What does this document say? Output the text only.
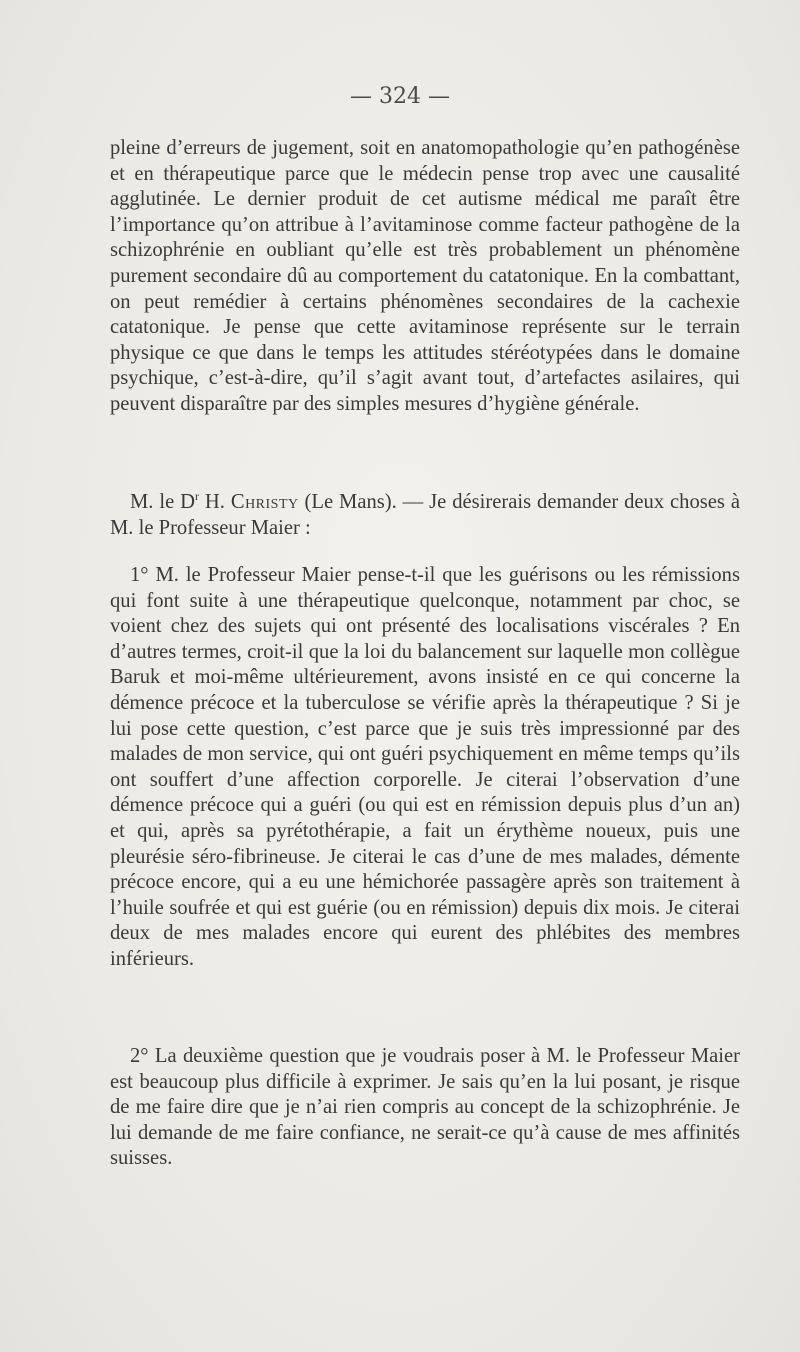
— 324 —

pleine d’erreurs de jugement, soit en anatomopathologie qu’en pathogénèse et en thérapeutique parce que le médecin pense trop avec une causalité agglutinée. Le dernier produit de cet autisme médical me paraît être l’importance qu’on attribue à l’avitaminose comme facteur pathogène de la schizophrénie en oubliant qu’elle est très probablement un phénomène purement secondaire dû au comportement du catatonique. En la combattant, on peut remédier à certains phénomènes secondaires de la cachexie catatonique. Je pense que cette avitaminose représente sur le terrain physique ce que dans le temps les attitudes stéréotypées dans le domaine psychique, c’est-à-dire, qu’il s’agit avant tout, d’artefactes asilaires, qui peuvent disparaître par des simples mesures d’hygiène générale.

M. le $D^r$ H. Christy (Le Mans). — Je désirerais demander deux choses à M. le Professeur Maier :

1° M. le Professeur Maier pense-t-il que les guérisons ou les rémissions qui font suite à une thérapeutique quelconque, notamment par choc, se voient chez des sujets qui ont présenté des localisations viscérales ? En d’autres termes, croit-il que la loi du balancement sur laquelle mon collègue Baruk et moi-même ultérieurement, avons insisté en ce qui concerne la démence précoce et la tuberculose se vérifie après la thérapeutique ? Si je lui pose cette question, c’est parce que je suis très impressionné par des malades de mon service, qui ont guéri psychiquement en même temps qu’ils ont souffert d’une affection corporelle. Je citerai l’observation d’une démence précoce qui a guéri (ou qui est en rémission depuis plus d’un an) et qui, après sa pyrétothérapie, a fait un érythème noueux, puis une pleurésie séro-fibrineuse. Je citerai le cas d’une de mes malades, démente précoce encore, qui a eu une hémichorée passagère après son traitement à l’huile soufrée et qui est guérie (ou en rémission) depuis dix mois. Je citerai deux de mes malades encore qui eurent des phlébites des membres inférieurs.

2° La deuxième question que je voudrais poser à M. le Professeur Maier est beaucoup plus difficile à exprimer. Je sais qu’en la lui posant, je risque de me faire dire que je n’ai rien compris au concept de la schizophrénie. Je lui demande de me faire confiance, ne serait-ce qu’à cause de mes affinités suisses.
